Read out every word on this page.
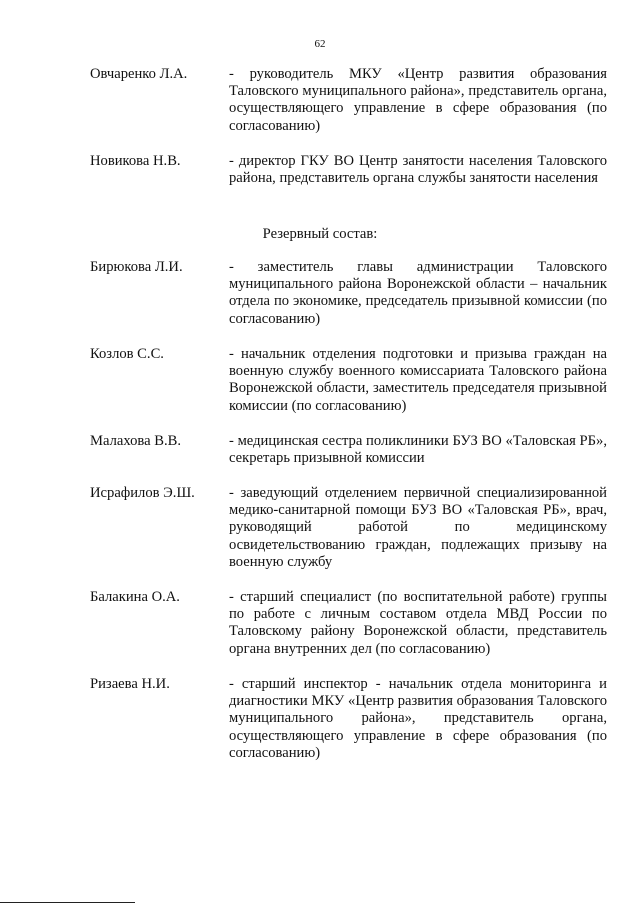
62
Овчаренко Л.А.	- руководитель МКУ «Центр развития образования Таловского муниципального района», представитель органа, осуществляющего управление в сфере образования (по согласованию)
Новикова Н.В.	- директор ГКУ ВО Центр занятости населения Таловского района, представитель органа службы занятости населения
Резервный состав:
Бирюкова Л.И.	- заместитель главы администрации Таловского муниципального района Воронежской области – начальник отдела по экономике, председатель призывной комиссии (по согласованию)
Козлов С.С.	- начальник отделения подготовки и призыва граждан на военную службу военного комиссариата Таловского района Воронежской области, заместитель председателя призывной комиссии (по согласованию)
Малахова В.В.	- медицинская сестра поликлиники БУЗ ВО «Таловская РБ», секретарь призывной комиссии
Исрафилов Э.Ш. - заведующий отделением первичной специализированной медико-санитарной помощи БУЗ ВО «Таловская РБ», врач, руководящий работой по медицинскому освидетельствованию граждан, подлежащих призыву на военную службу
Балакина О.А.	- старший специалист (по воспитательной работе) группы по работе с личным составом отдела МВД России по Таловскому району Воронежской области, представитель органа внутренних дел (по согласованию)
Ризаева Н.И.	- старший инспектор - начальник отдела мониторинга и диагностики МКУ «Центр развития образования Таловского муниципального района», представитель органа, осуществляющего управление в сфере образования (по согласованию)
